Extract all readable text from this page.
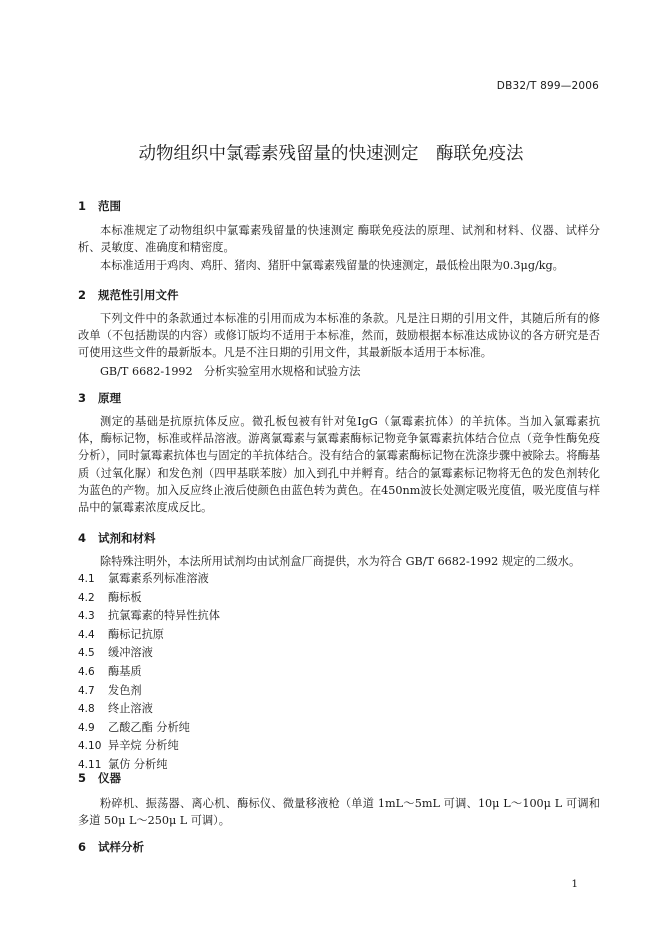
DB32/T 899—2006
动物组织中氯霉素残留量的快速测定　酶联免疫法
1 范围

本标准规定了动物组织中氯霉素残留量的快速测定 酶联免疫法的原理、试剂和材料、仪器、试样分析、灵敏度、准确度和精密度。

本标准适用于鸡肉、鸡肝、猪肉、猪肝中氯霉素残留量的快速测定，最低检出限为0.3μg/kg。

2 规范性引用文件

下列文件中的条款通过本标准的引用而成为本标准的条款。凡是注日期的引用文件，其随后所有的修改单（不包括勘误的内容）或修订版均不适用于本标准，然而，鼓励根据本标准达成协议的各方研究是否可使用这些文件的最新版本。凡是不注日期的引用文件，其最新版本适用于本标准。

GB/T 6682-1992　分析实验室用水规格和试验方法
3 原理

测定的基础是抗原抗体反应。微孔板包被有针对兔IgG（氯霉素抗体）的羊抗体。当加入氯霉素抗体，酶标记物，标准或样品溶液。游离氯霉素与氯霉素酶标记物竞争氯霉素抗体结合位点（竞争性酶免疫分析），同时氯霉素抗体也与固定的羊抗体结合。没有结合的氯霉素酶标记物在洗涤步骤中被除去。将酶基质（过氧化脲）和发色剂（四甲基联苯胺）加入到孔中并孵育。结合的氯霉素标记物将无色的发色剂转化为蓝色的产物。加入反应终止液后使颜色由蓝色转为黄色。在450nm波长处测定吸光度值，吸光度值与样品中的氯霉素浓度成反比。

4 试剂和材料

除特殊注明外，本法所用试剂均由试剂盒厂商提供，水为符合 GB/T 6682-1992 规定的二级水。

4.1 氯霉素系列标准溶液
4.2 酶标板
4.3 抗氯霉素的特异性抗体
4.4 酶标记抗原
4.5 缓冲溶液
4.6 酶基质
4.7 发色剂
4.8 终止溶液
4.9 乙酸乙酯 分析纯
4.10 异辛烷 分析纯
4.11 氯仿 分析纯
5 仪器

粉碎机、振荡器、离心机、酶标仪、微量移液枪（单道 1mL～5mL 可调、10μ L～100μ L 可调和多道 50μ L～250μ L 可调）。

6 试样分析
1
